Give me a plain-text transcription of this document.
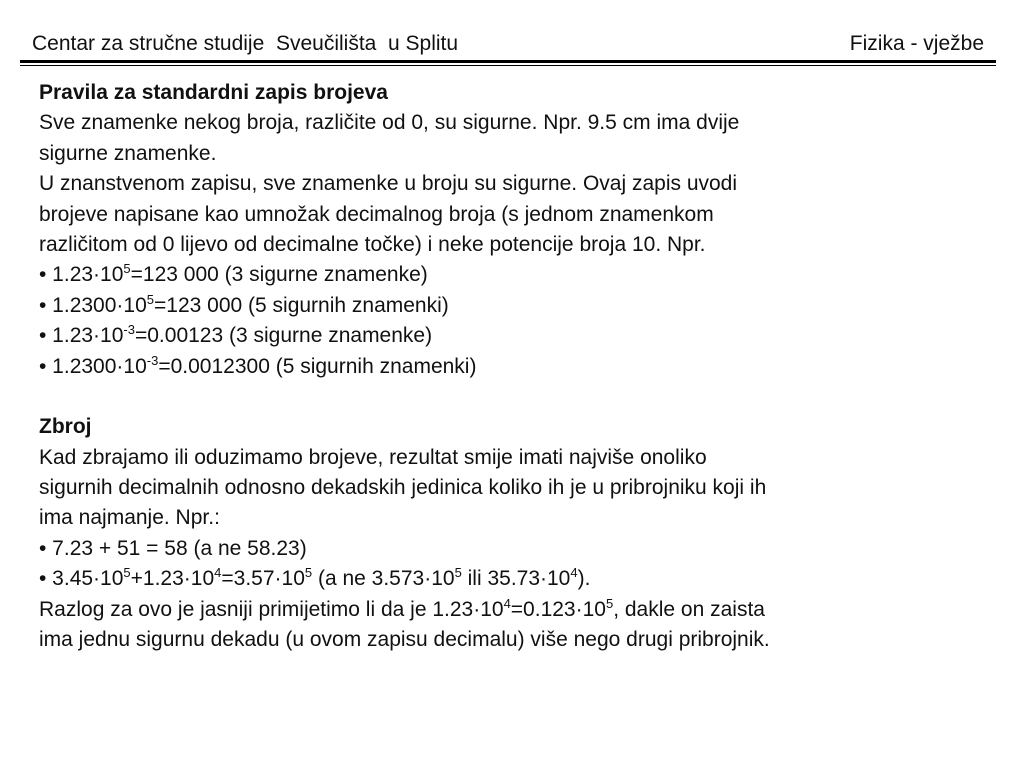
Centar za stručne studije  Sveučilišta  u Splitu	Fizika - vježbe
Pravila za standardni zapis brojeva
Sve znamenke nekog broja, različite od 0, su sigurne. Npr. 9.5 cm ima dvije
sigurne znamenke.
U znanstvenom zapisu, sve znamenke u broju su sigurne. Ovaj zapis uvodi
brojeve napisane kao umnožak decimalnog broja (s jednom znamenkom
različitom od 0 lijevo od decimalne točke) i neke potencije broja 10. Npr.
• $1.23\cdot 10^5=123$ 000 (3 sigurne znamenke)
• $1.2300\cdot 10^5=123$ 000 (5 sigurnih znamenki)
• $1.23\cdot 10^{-3}=0.00123$ (3 sigurne znamenke)
• $1.2300\cdot 10^{-3}=0.0012300$ (5 sigurnih znamenki)
Zbroj
Kad zbrajamo ili oduzimamo brojeve, rezultat smije imati najviše onoliko
sigurnih decimalnih odnosno dekadskih jedinica koliko ih je u pribrojniku koji ih
ima najmanje. Npr.:
• 7.23 + 51 = 58 (a ne 58.23)
• $3.45\cdot 10^5+1.23\cdot 10^4=3.57\cdot 10^5$ (a ne $3.573\cdot 10^5$ ili $35.73\cdot 10^4$).
Razlog za ovo je jasniji primijetimo li da je $1.23\cdot 10^4=0.123\cdot 10^5$, dakle on zaista
ima jednu sigurnu dekadu (u ovom zapisu decimalu) više nego drugi pribrojnik.
